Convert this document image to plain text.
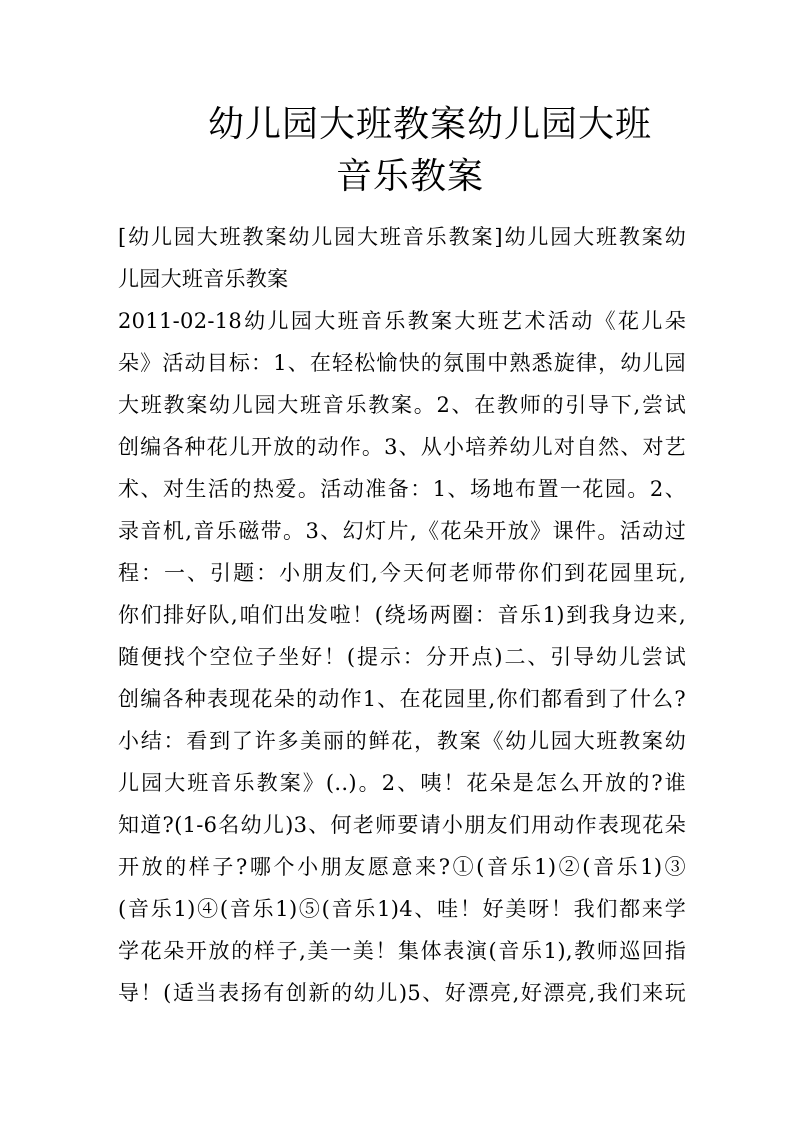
幼儿园大班教案幼儿园大班
音乐教案
[幼儿园大班教案幼儿园大班音乐教案]幼儿园大班教案幼
儿园大班音乐教案
2011-02-18幼儿园大班音乐教案大班艺术活动《花儿朵
朵》活动目标：1、在轻松愉快的氛围中熟悉旋律，幼儿园
大班教案幼儿园大班音乐教案。2、在教师的引导下,尝试
创编各种花儿开放的动作。3、从小培养幼儿对自然、对艺
术、对生活的热爱。活动准备：1、场地布置一花园。2、
录音机,音乐磁带。3、幻灯片,《花朵开放》课件。活动过
程：一、引题：小朋友们,今天何老师带你们到花园里玩,
你们排好队,咱们出发啦！(绕场两圈：音乐1)到我身边来,
随便找个空位子坐好！(提示：分开点)二、引导幼儿尝试
创编各种表现花朵的动作1、在花园里,你们都看到了什么?
小结：看到了许多美丽的鲜花，教案《幼儿园大班教案幼
儿园大班音乐教案》(..)。2、咦！花朵是怎么开放的?谁
知道?(1-6名幼儿)3、何老师要请小朋友们用动作表现花朵
开放的样子?哪个小朋友愿意来?①(音乐1)②(音乐1)③
(音乐1)④(音乐1)⑤(音乐1)4、哇！好美呀！我们都来学
学花朵开放的样子,美一美！集体表演(音乐1),教师巡回指
导！(适当表扬有创新的幼儿)5、好漂亮,好漂亮,我们来玩
